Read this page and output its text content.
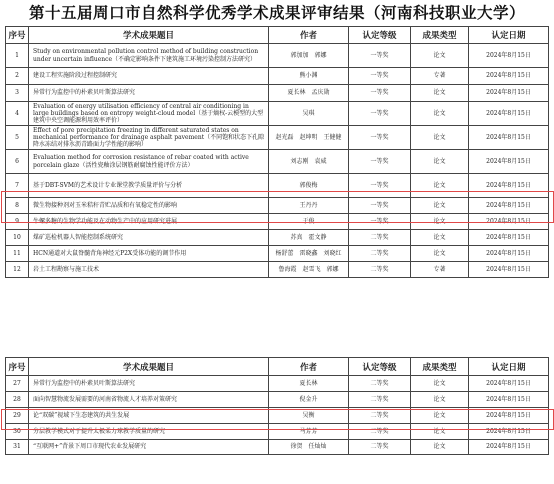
第十五届周口市自然科学优秀学术成果评审结果（河南科技职业大学）
序号	学术成果题目	作者	认定等级	成果类型	认定日期
1	Study on environmental pollution control method of building construction under uncertain influence（不确定影响条件下建筑施工环境污染控制方法研究）	郭加加　郭娜	一等奖	论文	2024年8月15日
2	建设工程实施阶段过程控制研究	熊小渊	一等奖	专著	2024年8月15日
3	异常行为监控中的朴素贝叶斯算法研究	夏长林　孟庆勋	一等奖	论文	2024年8月15日
4	Evaluation of energy utilisation efficiency of central air conditioning in large buildings based on entropy weight-cloud model（基于熵权-云模型的大型建筑中央空调能源利用效率评价）	吴琪	一等奖	论文	2024年8月15日
5	Effect of pore precipitation freezing in different saturated states on mechanical performance for drainage asphalt pavement（不同饱和状态下孔隙降水冻结对排水沥青路面力学性能的影响）	赵光磊　赵坤明　王健健	一等奖	论文	2024年8月15日
6	Evaluation method for corrosion resistance of rebar coated with active porcelain glaze（活性瓷釉涂层钢筋耐腐蚀性能评价方法）	刘志刚　袁威	一等奖	论文	2024年8月15日
7	基于DBT-SVM的艺术设计专业课堂教学质量评价与分析	郭俊梅	一等奖	论文	2024年8月15日
8	微生物接种剂对玉米秸秆青贮品质和有氧稳定性的影响	王丹丹	一等奖	论文	2024年8月15日
9	牛螺多糖的生物学功能及在动物生产中的应用研究进展	于俊	一等奖	论文	2024年8月15日
10	煤矿巡检机器人智能控制系统研究	苏真　霍文静	二等奖	论文	2024年8月15日
11	HCN通道对大鼠脊髓背角神经元P2X受体功能的调节作用	杨舒蕾　雷晓鑫　刘晓红	二等奖	论文	2024年8月15日
12	岩土工程勘察与施工技术	鲁海霞　赵雪飞　郭娜	二等奖	专著	2024年8月15日
序号	学术成果题目	作者	认定等级	成果类型	认定日期
27	异常行为监控中的朴素贝叶斯算法研究	夏长林	二等奖	论文	2024年8月15日
28	面向智慧物流发展需要的河南省物流人才培养对策研究	倪金升	二等奖	论文	2024年8月15日
29	论“双碳”视域下生态建筑的共生发展	吴衡	二等奖	论文	2024年8月15日
30	分层教学模式对于提升太极柔力球教学质量的研究	马芳芳	二等奖	论文	2024年8月15日
31	“互联网+”背景下周口市现代农业发展研究	徐贺　任灿灿	二等奖	论文	2024年8月15日
